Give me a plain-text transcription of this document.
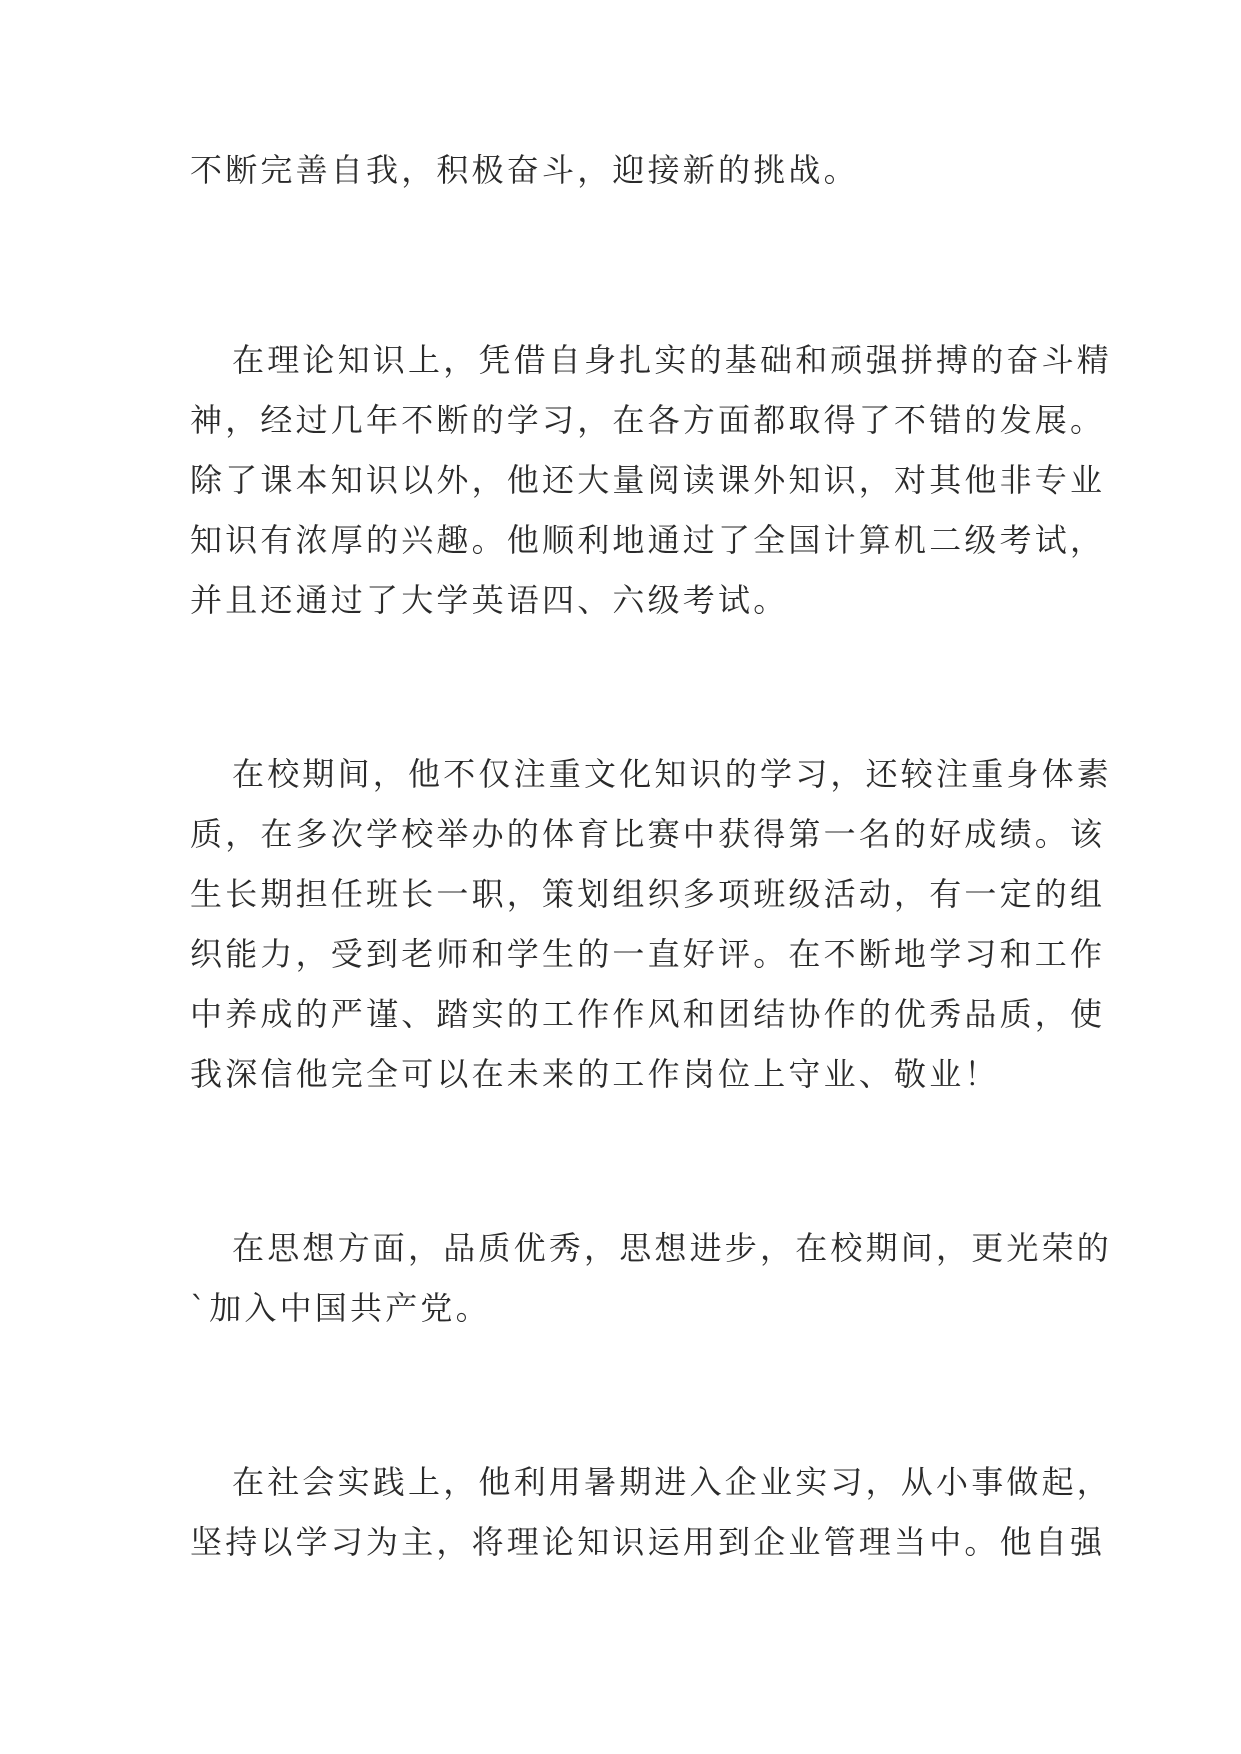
不断完善自我，积极奋斗，迎接新的挑战。
在理论知识上，凭借自身扎实的基础和顽强拼搏的奋斗精
神，经过几年不断的学习，在各方面都取得了不错的发展。
除了课本知识以外，他还大量阅读课外知识，对其他非专业
知识有浓厚的兴趣。他顺利地通过了全国计算机二级考试，
并且还通过了大学英语四、六级考试。
在校期间，他不仅注重文化知识的学习，还较注重身体素
质，在多次学校举办的体育比赛中获得第一名的好成绩。该
生长期担任班长一职，策划组织多项班级活动，有一定的组
织能力，受到老师和学生的一直好评。在不断地学习和工作
中养成的严谨、踏实的工作作风和团结协作的优秀品质，使
我深信他完全可以在未来的工作岗位上守业、敬业！
在思想方面，品质优秀，思想进步，在校期间，更光荣的
`加入中国共产党。
在社会实践上，他利用暑期进入企业实习，从小事做起，
坚持以学习为主，将理论知识运用到企业管理当中。他自强
